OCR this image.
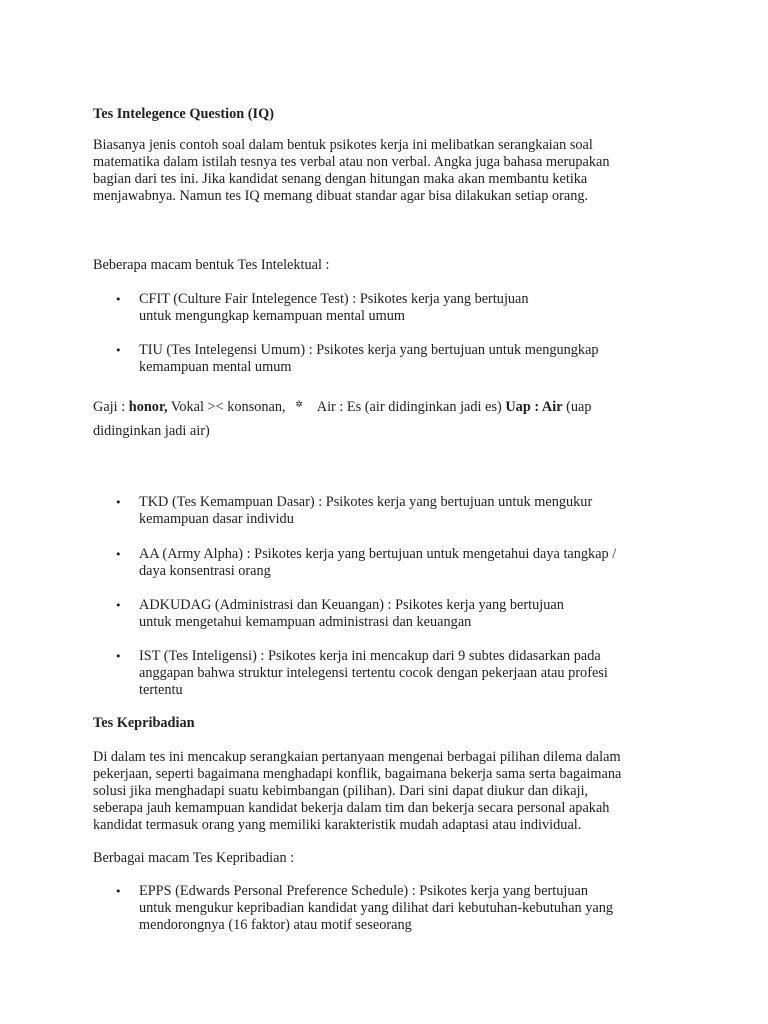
Tes Intelegence Question (IQ)
Biasanya jenis contoh soal dalam bentuk psikotes kerja ini melibatkan serangkaian soal
matematika dalam istilah tesnya tes verbal atau non verbal. Angka juga bahasa merupakan
bagian dari tes ini. Jika kandidat senang dengan hitungan maka akan membantu ketika
menjawabnya. Namun tes IQ memang dibuat standar agar bisa dilakukan setiap orang.
Beberapa macam bentuk Tes Intelektual :
•	CFIT (Culture Fair Intelegence Test) : Psikotes kerja yang bertujuan
untuk mengungkap kemampuan mental umum
•	TIU (Tes Intelegensi Umum) : Psikotes kerja yang bertujuan untuk mengungkap
kemampuan mental umum
Gaji : honor, Vokal >< konsonan, ✲ Air : Es (air didinginkan jadi es) Uap : Air (uap
didinginkan jadi air)
•	TKD (Tes Kemampuan Dasar) : Psikotes kerja yang bertujuan untuk mengukur
kemampuan dasar individu
•	AA (Army Alpha) : Psikotes kerja yang bertujuan untuk mengetahui daya tangkap /
daya konsentrasi orang
•	ADKUDAG (Administrasi dan Keuangan) : Psikotes kerja yang bertujuan
untuk mengetahui kemampuan administrasi dan keuangan
•	IST (Tes Inteligensi) : Psikotes kerja ini mencakup dari 9 subtes didasarkan pada
anggapan bahwa struktur intelegensi tertentu cocok dengan pekerjaan atau profesi
tertentu
Tes Kepribadian
Di dalam tes ini mencakup serangkaian pertanyaan mengenai berbagai pilihan dilema dalam
pekerjaan, seperti bagaimana menghadapi konflik, bagaimana bekerja sama serta bagaimana
solusi jika menghadapi suatu kebimbangan (pilihan). Dari sini dapat diukur dan dikaji,
seberapa jauh kemampuan kandidat bekerja dalam tim dan bekerja secara personal apakah
kandidat termasuk orang yang memiliki karakteristik mudah adaptasi atau individual.
Berbagai macam Tes Kepribadian :
•	EPPS (Edwards Personal Preference Schedule) : Psikotes kerja yang bertujuan
untuk mengukur kepribadian kandidat yang dilihat dari kebutuhan-kebutuhan yang
mendorongnya (16 faktor) atau motif seseorang
